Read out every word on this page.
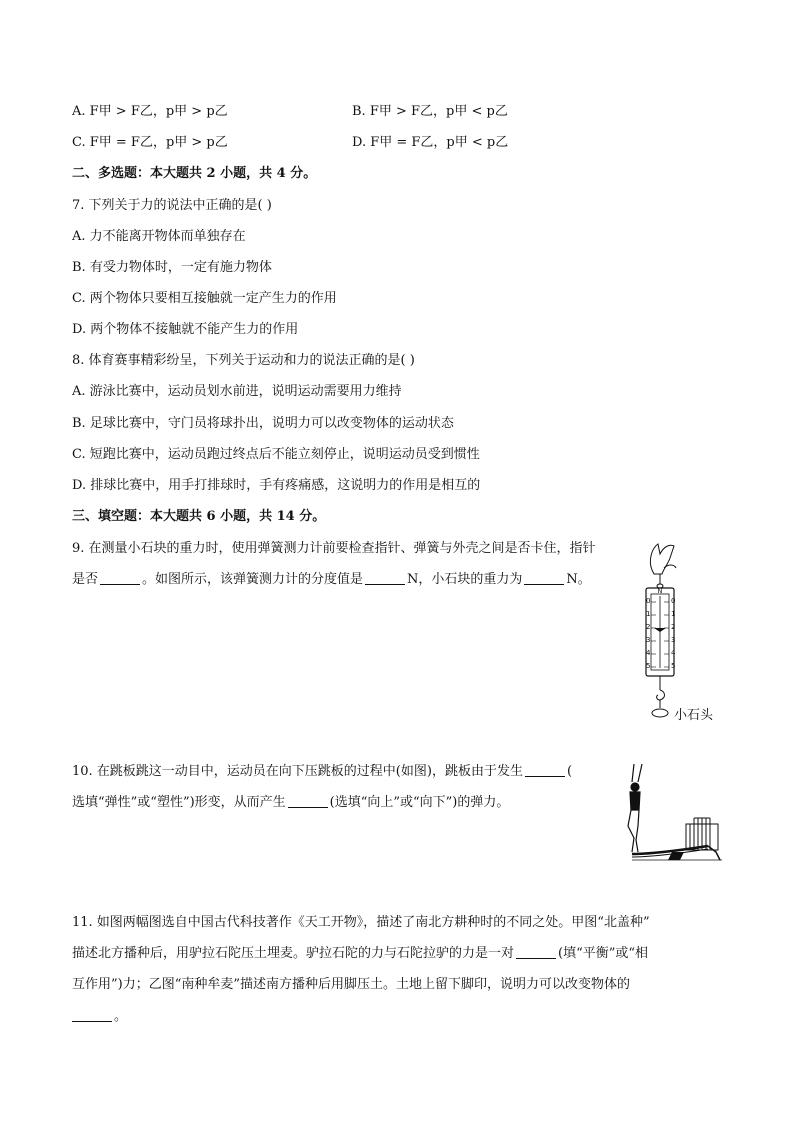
A. F甲 > F乙，p甲 > p乙	B. F甲 > F乙，p甲 < p乙
C. F甲 = F乙，p甲 > p乙	D. F甲 = F乙，p甲 < p乙
二、多选题：本大题共 2 小题，共 4 分。
7. 下列关于力的说法中正确的是( )
A. 力不能离开物体而单独存在
B. 有受力物体时，一定有施力物体
C. 两个物体只要相互接触就一定产生力的作用
D. 两个物体不接触就不能产生力的作用
8. 体育赛事精彩纷呈，下列关于运动和力的说法正确的是( )
A. 游泳比赛中，运动员划水前进，说明运动需要用力维持
B. 足球比赛中，守门员将球扑出，说明力可以改变物体的运动状态
C. 短跑比赛中，运动员跑过终点后不能立刻停止，说明运动员受到惯性
D. 排球比赛中，用手打排球时，手有疼痛感，这说明力的作用是相互的
三、填空题：本大题共 6 小题，共 14 分。
9. 在测量小石块的重力时，使用弹簧测力计前要检查指针、弹簧与外壳之间是否卡住，指针
是否	。如图所示，该弹簧测力计的分度值是	N，小石块的重力为	N。
N
0	0
1	1
2	2
3	3
4	4
5	5
小石头
10. 在跳板跳这一动目中，运动员在向下压跳板的过程中(如图)，跳板由于发生	(
选填“弹性”或“塑性”)形变，从而产生	(选填“向上”或“向下”)的弹力。
11. 如图两幅图选自中国古代科技著作《天工开物》，描述了南北方耕种时的不同之处。甲图“北盖种”
描述北方播种后，用驴拉石陀压土埋麦。驴拉石陀的力与石陀拉驴的力是一对	(填“平衡”或“相
互作用”)力；乙图“南种牟麦”描述南方播种后用脚压土。土地上留下脚印，说明力可以改变物体的
。
